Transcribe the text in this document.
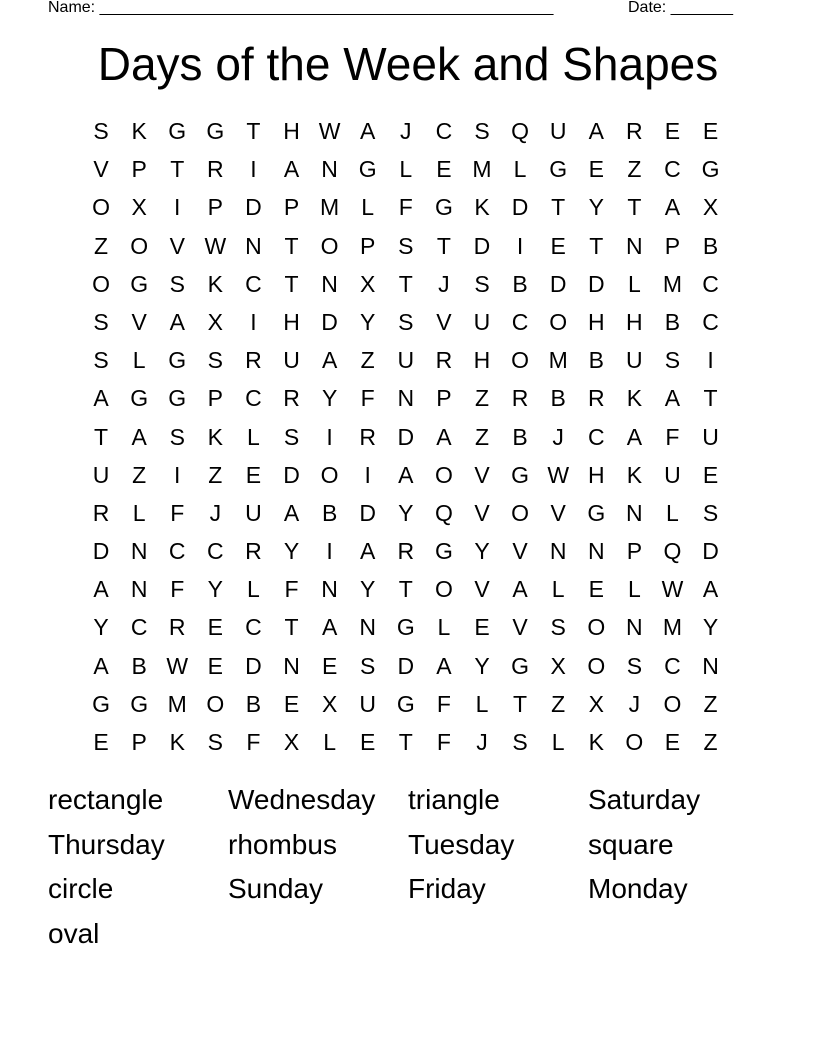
Name: ___________________________________________________	Date: _______
Days of the Week and Shapes
S K G G T H W A	J	C S Q U A R E E
V P	T R	I	A N G L	E M L G E	Z C G
O X	I	P D P M L	F G K D T	Y	T	A X
Z O V W N T O P S	T D	I	E	T N P B
O G S K C T N X	T	J	S B D D	L M C
S V A X	I	H D Y S V U C O H H B C
S	L G S R U A	Z U R H O M B U S	I
A G G P C R Y	F N P	Z R B R K A	T
T	A S K	L	S	I	R D A	Z	B	J	C A	F U
U Z	I	Z	E D O	I	A O V G W H K U E
R	L	F	J	U A B D Y Q V O V G N	L	S
D N C C R Y	I	A R G Y V N N P Q D
A N F	Y	L	F N Y	T O V A	L	E	L W A
Y C R E C T	A N G L	E V S O N M Y
A B W E D N E S D A Y G X O S C N
G G M O B E X U G F	L	T	Z	X	J	O Z
E P K S	F	X	L	E	T	F	J	S	L	K O E	Z
rectangle	Wednesday	triangle	Saturday
Thursday	rhombus	Tuesday	square
circle	Sunday	Friday	Monday
oval
